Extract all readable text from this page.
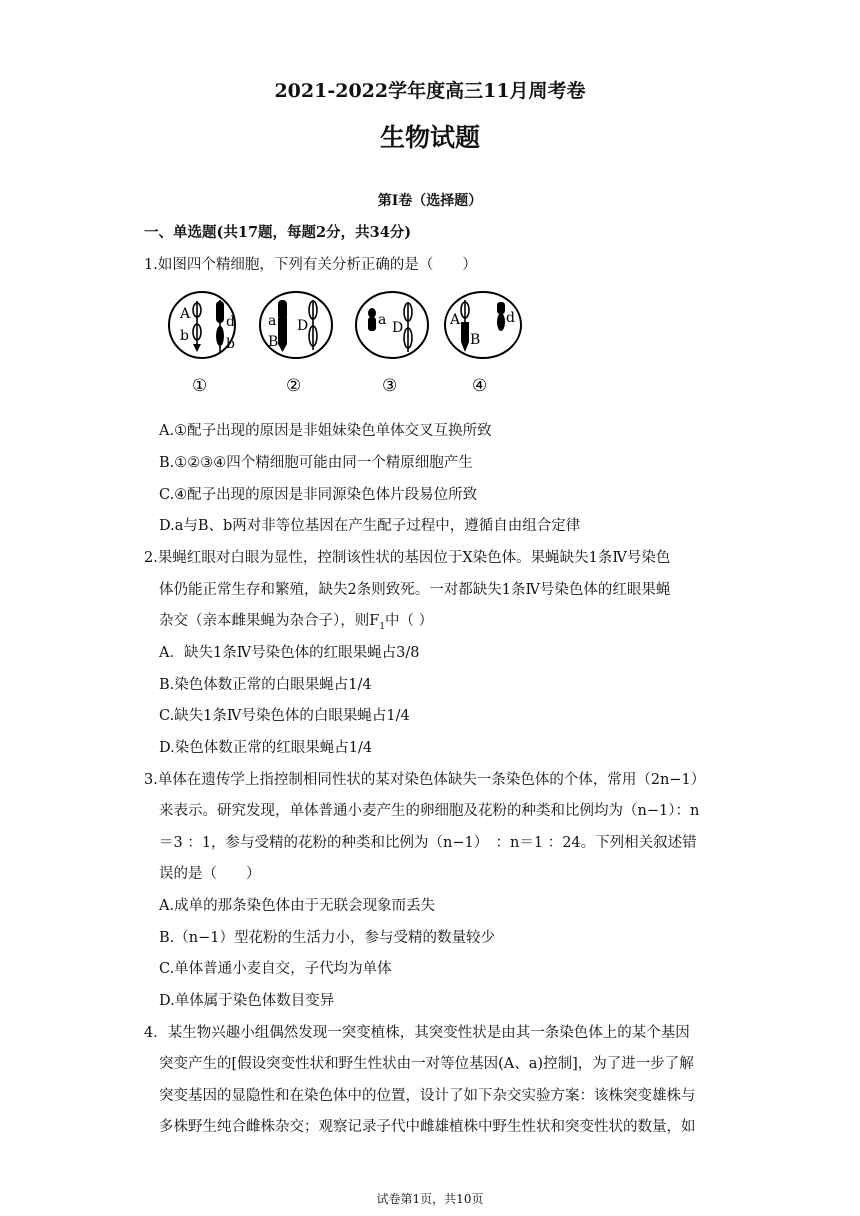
2021-2022学年度高三11月周考卷
生物试题
第Ⅰ卷（选择题）
一、单选题(共17题，每题2分，共34分)
1.如图四个精细胞，下列有关分析正确的是（　　）
A
b
d
b
①
a
B
D
②
a D
③
A
B
d
④
A.①配子出现的原因是非姐妹染色单体交叉互换所致
B.①②③④四个精细胞可能由同一个精原细胞产生
C.④配子出现的原因是非同源染色体片段易位所致
D.a与B、b两对非等位基因在产生配子过程中，遵循自由组合定律
2.果蝇红眼对白眼为显性，控制该性状的基因位于X染色体。果蝇缺失1条Ⅳ号染色
体仍能正常生存和繁殖，缺失2条则致死。一对都缺失1条Ⅳ号染色体的红眼果蝇
杂交（亲本雌果蝇为杂合子），则$F_1$中（ ）
A．缺失1条Ⅳ号染色体的红眼果蝇占3/8
B.染色体数正常的白眼果蝇占1/4
C.缺失1条Ⅳ号染色体的白眼果蝇占1/4
D.染色体数正常的红眼果蝇占1/4
3.单体在遗传学上指控制相同性状的某对染色体缺失一条染色体的个体，常用（2n−1）
来表示。研究发现，单体普通小麦产生的卵细胞及花粉的种类和比例均为（n−1）：n
＝3 ：1，参与受精的花粉的种类和比例为（n−1）　：n＝1 ：24。下列相关叙述错
误的是（　　）
A.成单的那条染色体由于无联会现象而丢失
B.（n−1）型花粉的生活力小，参与受精的数量较少
C.单体普通小麦自交，子代均为单体
D.单体属于染色体数目变异
4．某生物兴趣小组偶然发现一突变植株，其突变性状是由其一条染色体上的某个基因
突变产生的[假设突变性状和野生性状由一对等位基因(A、a)控制]，为了进一步了解
突变基因的显隐性和在染色体中的位置，设计了如下杂交实验方案：该株突变雄株与
多株野生纯合雌株杂交；观察记录子代中雌雄植株中野生性状和突变性状的数量，如
试卷第1页，共10页
